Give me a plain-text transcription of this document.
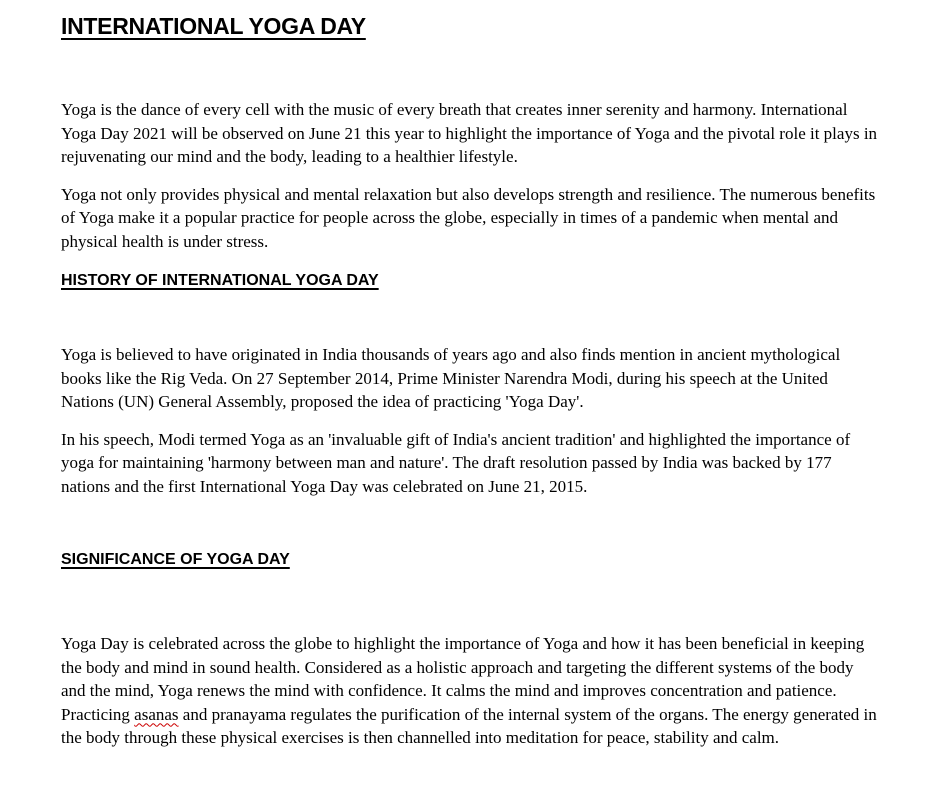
INTERNATIONAL YOGA DAY

Yoga is the dance of every cell with the music of every breath that creates inner serenity and harmony. International Yoga Day 2021 will be observed on June 21 this year to highlight the importance of Yoga and the pivotal role it plays in rejuvenating our mind and the body, leading to a healthier lifestyle.

Yoga not only provides physical and mental relaxation but also develops strength and resilience. The numerous benefits of Yoga make it a popular practice for people across the globe, especially in times of a pandemic when mental and physical health is under stress.

HISTORY OF INTERNATIONAL YOGA DAY

Yoga is believed to have originated in India thousands of years ago and also finds mention in ancient mythological books like the Rig Veda. On 27 September 2014, Prime Minister Narendra Modi, during his speech at the United Nations (UN) General Assembly, proposed the idea of practicing 'Yoga Day'.

In his speech, Modi termed Yoga as an 'invaluable gift of India's ancient tradition' and highlighted the importance of yoga for maintaining 'harmony between man and nature'. The draft resolution passed by India was backed by 177 nations and the first International Yoga Day was celebrated on June 21, 2015.

SIGNIFICANCE OF YOGA DAY

Yoga Day is celebrated across the globe to highlight the importance of Yoga and how it has been beneficial in keeping the body and mind in sound health. Considered as a holistic approach and targeting the different systems of the body and the mind, Yoga renews the mind with confidence. It calms the mind and improves concentration and patience. Practicing asanas and pranayama regulates the purification of the internal system of the organs. The energy generated in the body through these physical exercises is then channelled into meditation for peace, stability and calm.
